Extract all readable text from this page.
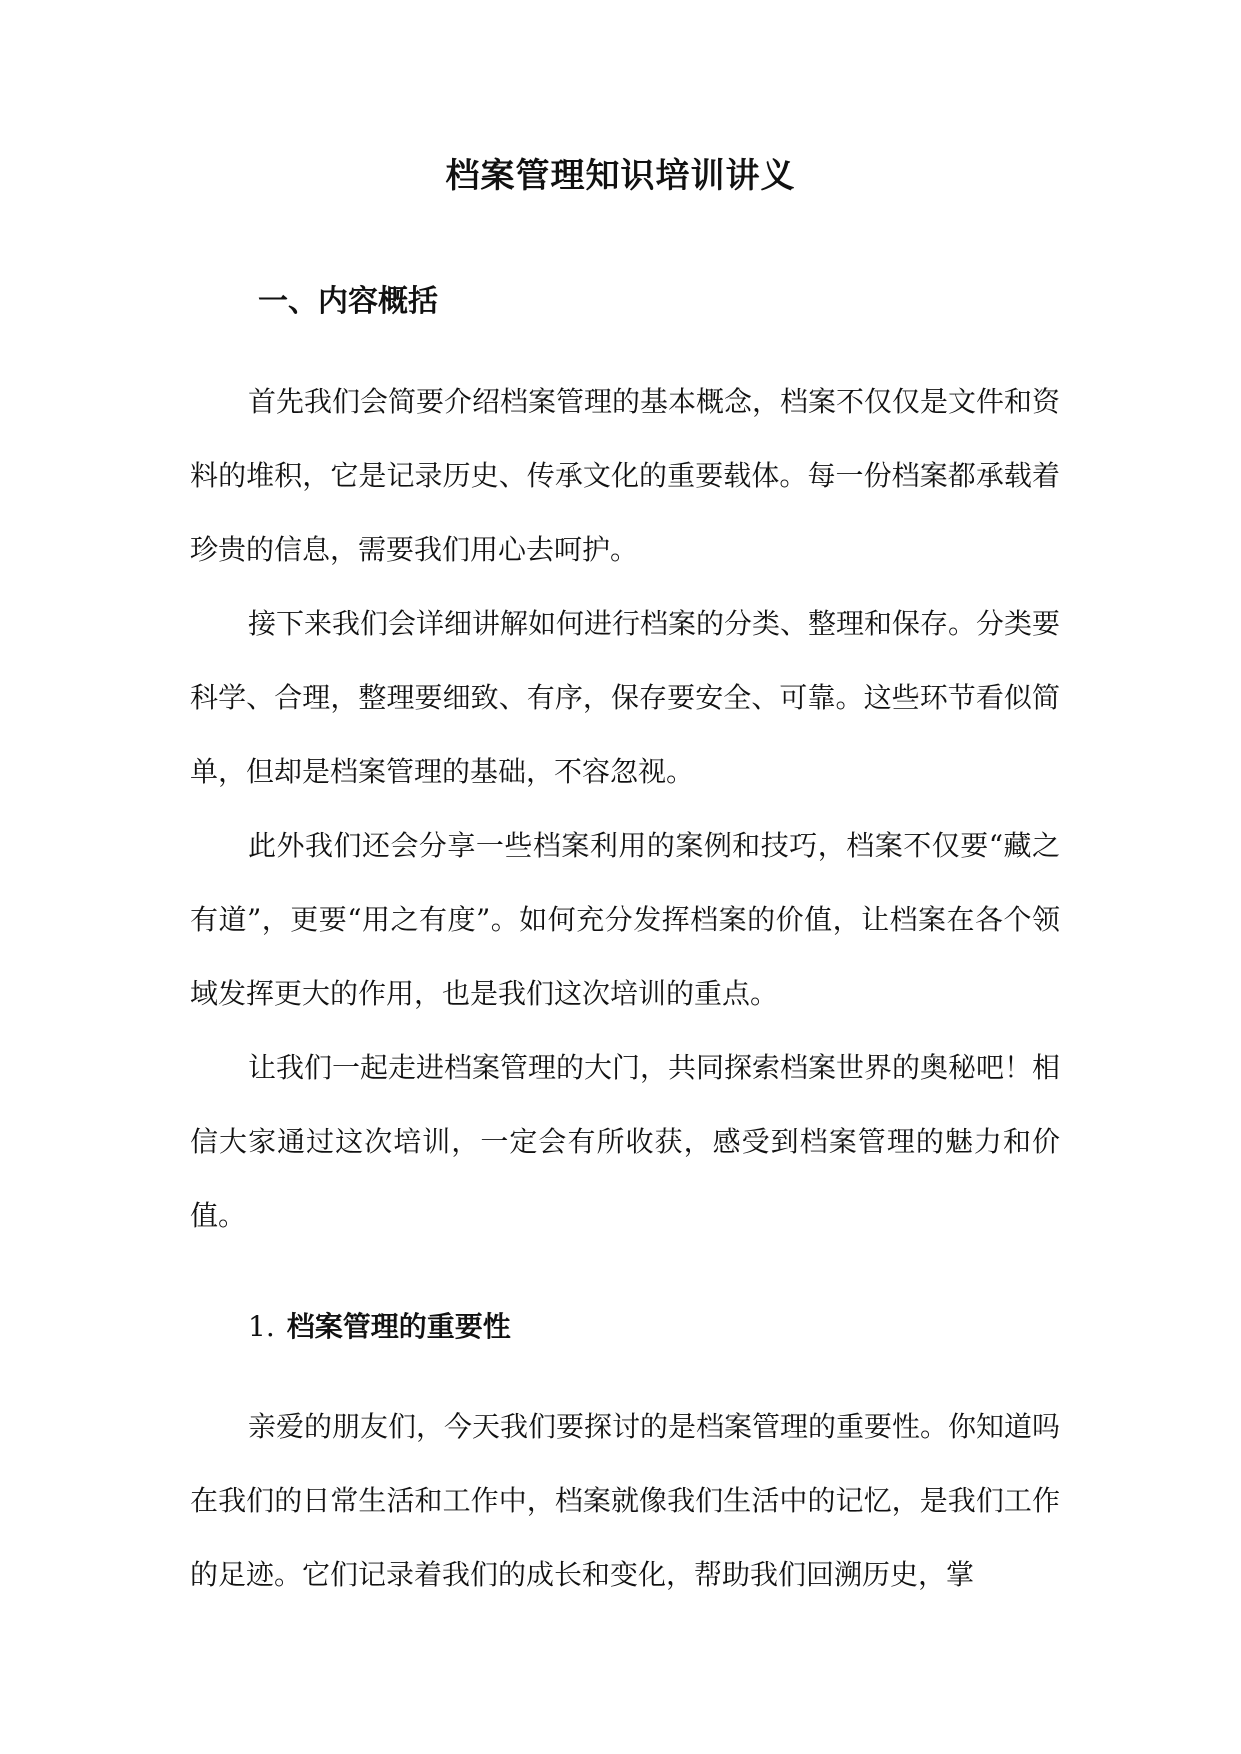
档案管理知识培训讲义
一、内容概括

首先我们会简要介绍档案管理的基本概念，档案不仅仅是文件和资料的堆积，它是记录历史、传承文化的重要载体。每一份档案都承载着珍贵的信息，需要我们用心去呵护。

接下来我们会详细讲解如何进行档案的分类、整理和保存。分类要科学、合理，整理要细致、有序，保存要安全、可靠。这些环节看似简单，但却是档案管理的基础，不容忽视。

此外我们还会分享一些档案利用的案例和技巧，档案不仅要“藏之有道”，更要“用之有度”。如何充分发挥档案的价值，让档案在各个领域发挥更大的作用，也是我们这次培训的重点。

让我们一起走进档案管理的大门，共同探索档案世界的奥秘吧！相信大家通过这次培训，一定会有所收获，感受到档案管理的魅力和价值。

1. 档案管理的重要性

亲爱的朋友们，今天我们要探讨的是档案管理的重要性。你知道吗在我们的日常生活和工作中，档案就像我们生活中的记忆，是我们工作的足迹。它们记录着我们的成长和变化，帮助我们回溯历史，掌
